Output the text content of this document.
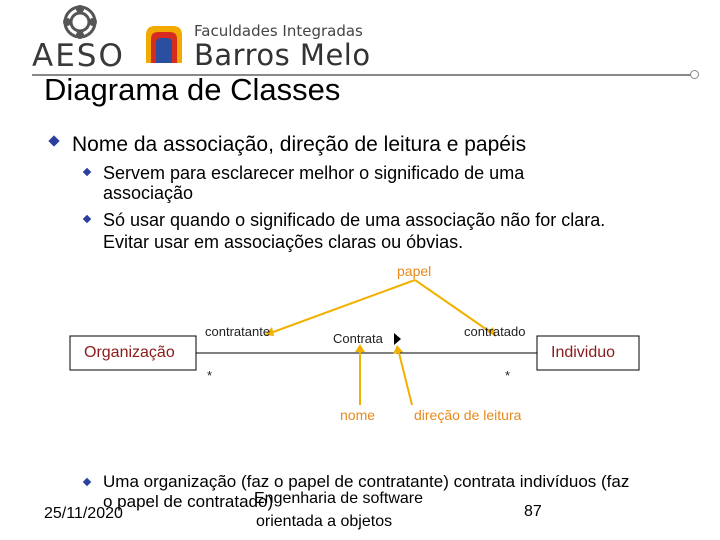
AESO
Faculdades Integradas
Barros Melo
Diagrama de Classes
Nome da associação, direção de leitura e papéis
Servem para esclarecer melhor o significado de uma
associação
Só usar quando o significado de uma associação não for clara.
Evitar usar em associações claras ou óbvias.
Organização	Individuo
contratante	contratado
Contrata
*	*
papel
nome	direção de leitura
Uma organização (faz o papel de contratante) contrata indivíduos (faz
o papel de contratado)
25/11/2020
Engenharia de software
orientada a objetos
87
